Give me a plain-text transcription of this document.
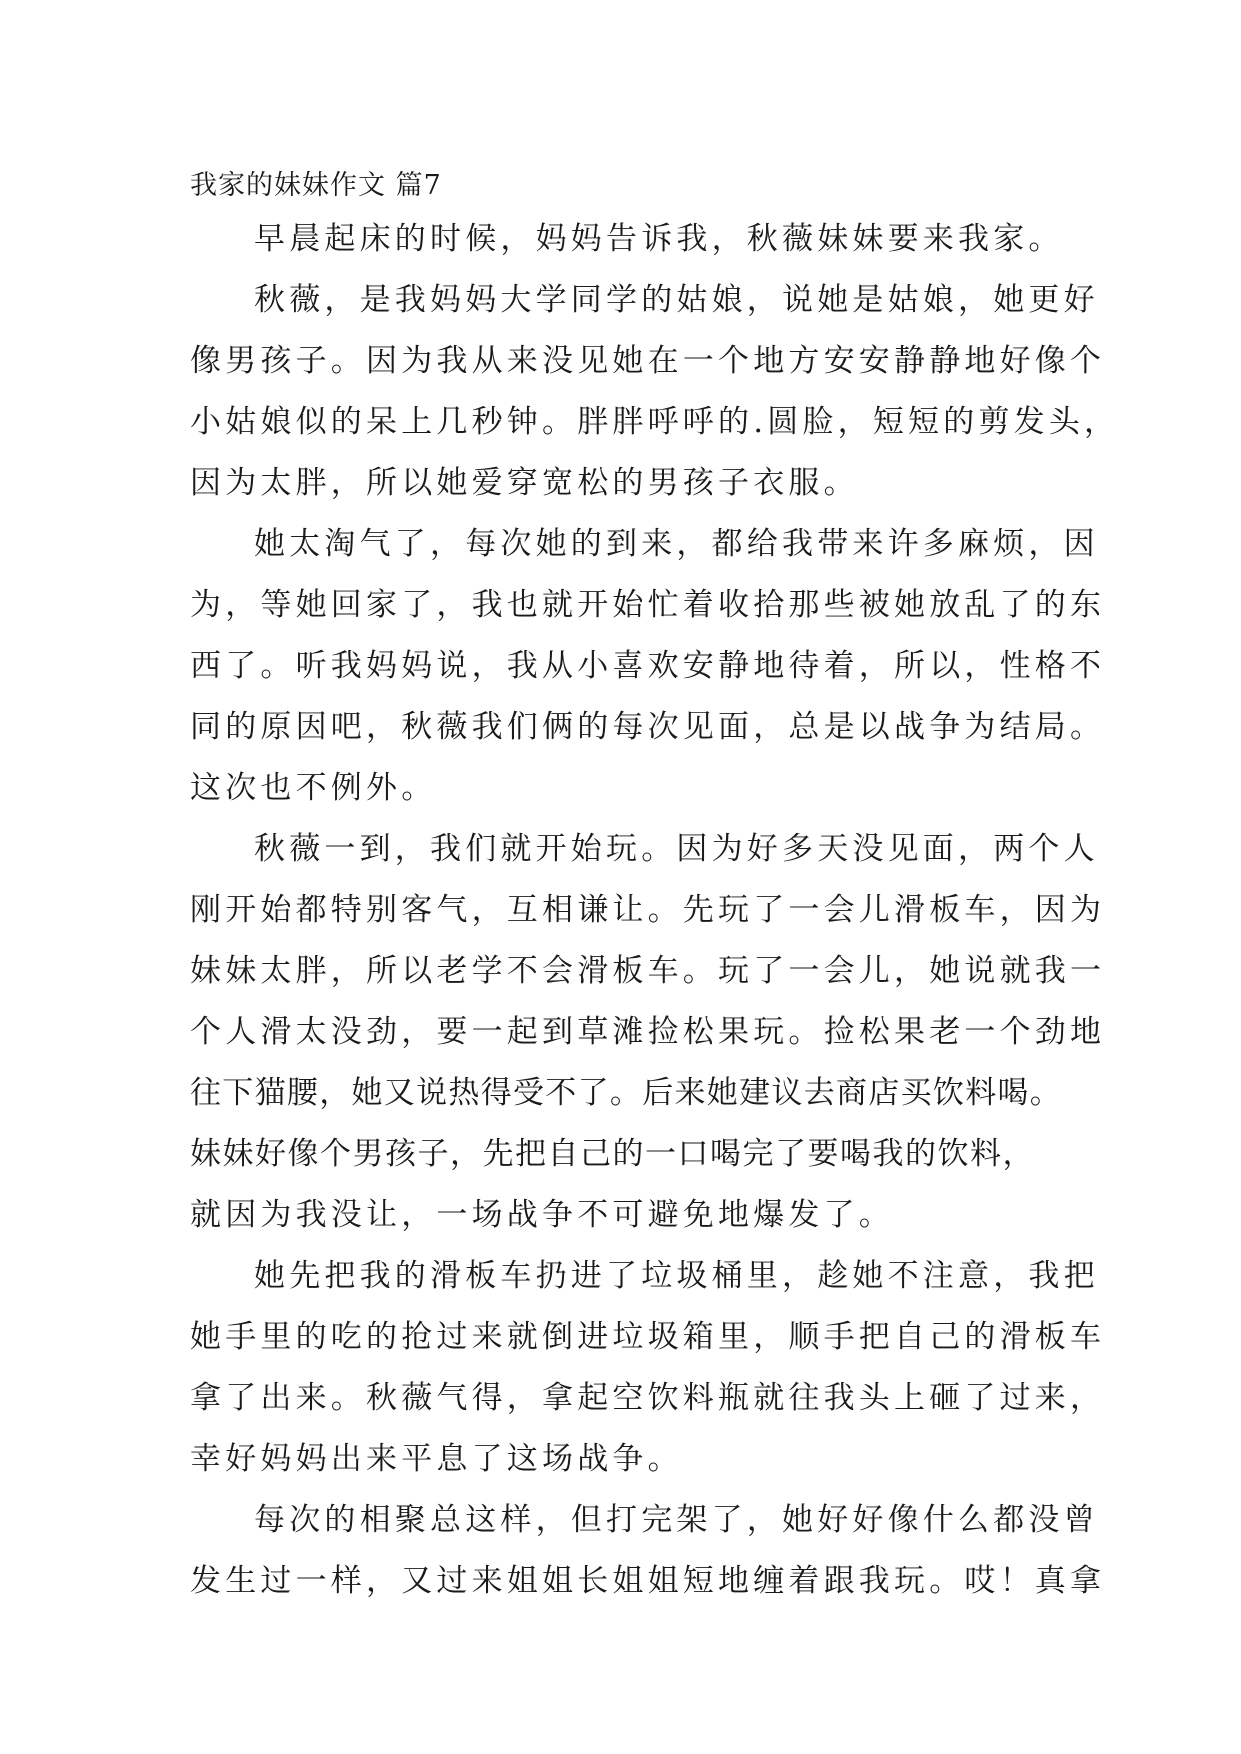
我家的妹妹作文 篇7
早晨起床的时候，妈妈告诉我，秋薇妹妹要来我家。
秋薇，是我妈妈大学同学的姑娘，说她是姑娘，她更好
像男孩子。因为我从来没见她在一个地方安安静静地好像个
小姑娘似的呆上几秒钟。胖胖呼呼的.圆脸，短短的剪发头，
因为太胖，所以她爱穿宽松的男孩子衣服。
她太淘气了，每次她的到来，都给我带来许多麻烦，因
为，等她回家了，我也就开始忙着收拾那些被她放乱了的东
西了。听我妈妈说，我从小喜欢安静地待着，所以，性格不
同的原因吧，秋薇我们俩的每次见面，总是以战争为结局。
这次也不例外。
秋薇一到，我们就开始玩。因为好多天没见面，两个人
刚开始都特别客气，互相谦让。先玩了一会儿滑板车，因为
妹妹太胖，所以老学不会滑板车。玩了一会儿，她说就我一
个人滑太没劲，要一起到草滩捡松果玩。捡松果老一个劲地
往下猫腰，她又说热得受不了。后来她建议去商店买饮料喝。
妹妹好像个男孩子，先把自己的一口喝完了要喝我的饮料，
就因为我没让，一场战争不可避免地爆发了。
她先把我的滑板车扔进了垃圾桶里，趁她不注意，我把
她手里的吃的抢过来就倒进垃圾箱里，顺手把自己的滑板车
拿了出来。秋薇气得，拿起空饮料瓶就往我头上砸了过来，
幸好妈妈出来平息了这场战争。
每次的相聚总这样，但打完架了，她好好像什么都没曾
发生过一样，又过来姐姐长姐姐短地缠着跟我玩。哎！真拿
